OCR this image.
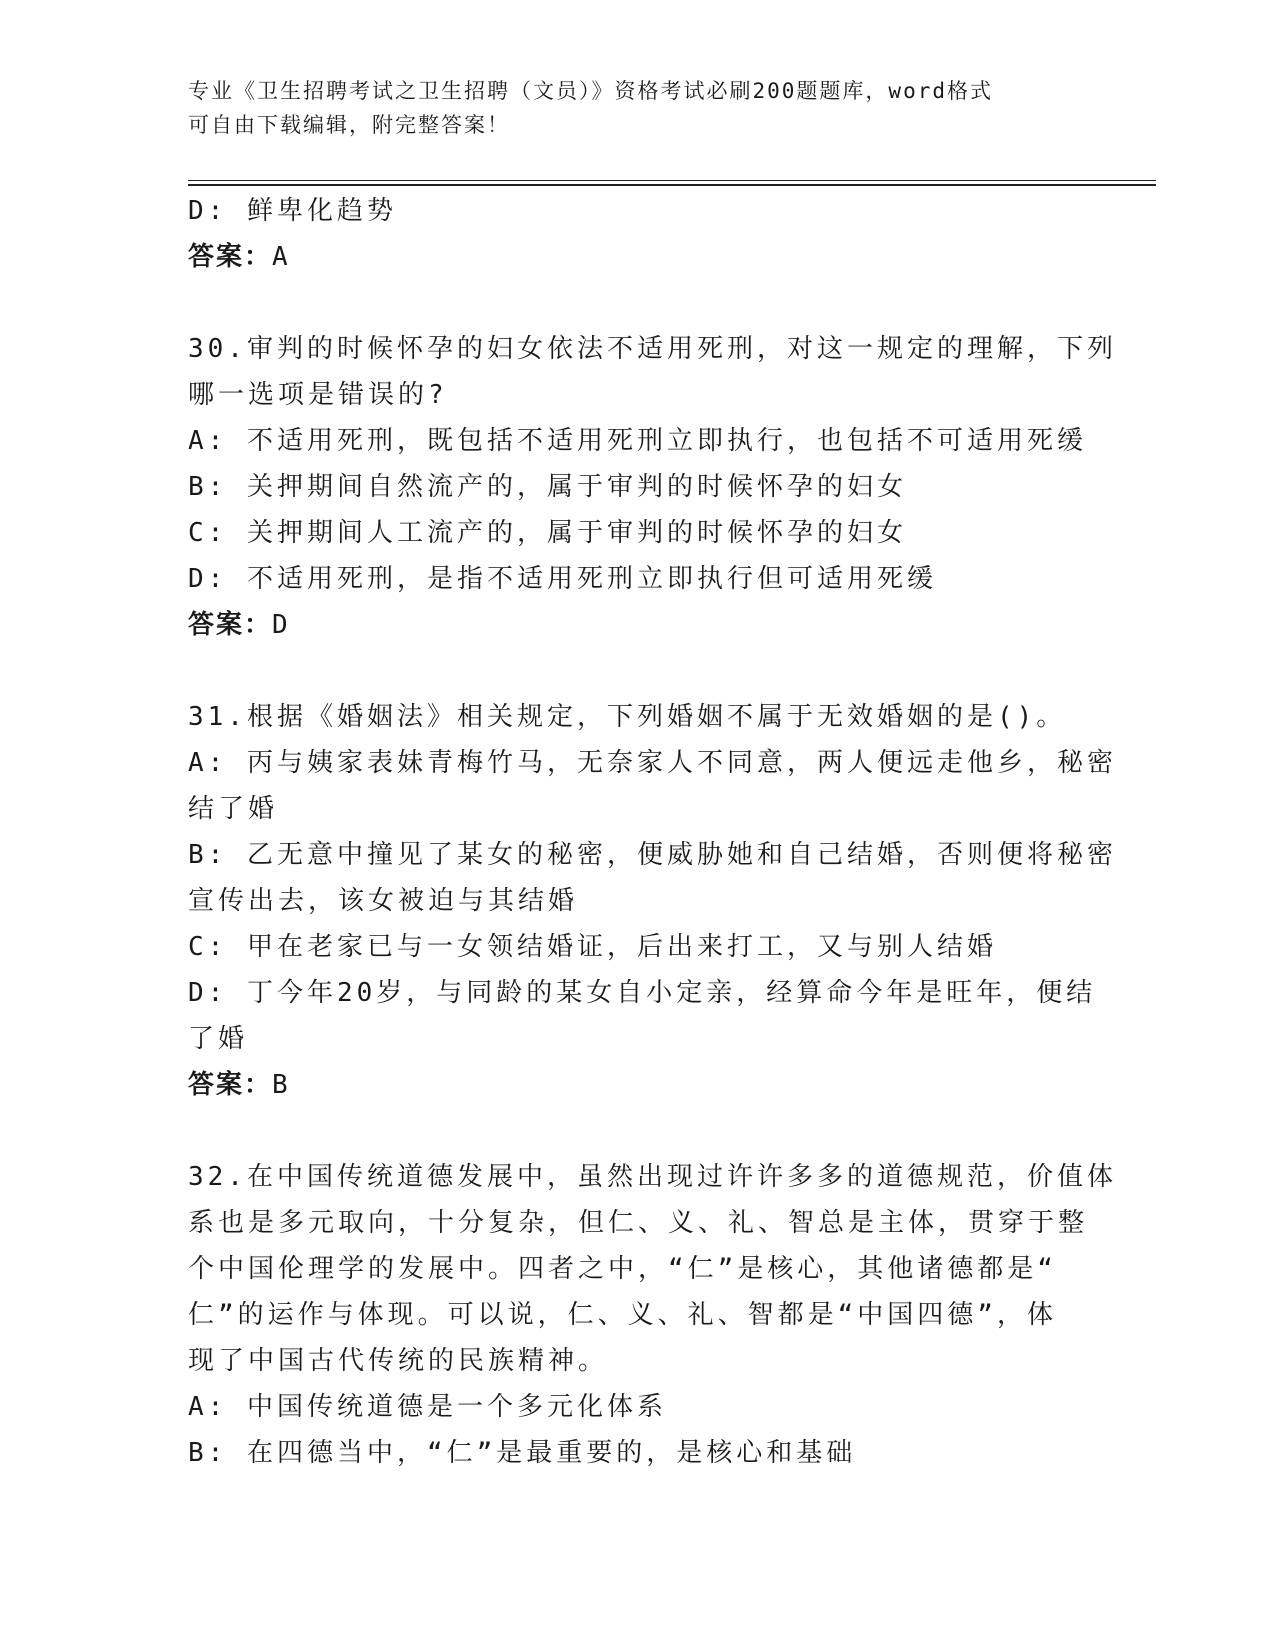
专业《卫生招聘考试之卫生招聘（文员）》资格考试必刷200题题库，word格式
可自由下载编辑，附完整答案！
D: 鲜卑化趋势
答案：A
30.审判的时候怀孕的妇女依法不适用死刑，对这一规定的理解，下列
哪一选项是错误的?
A: 不适用死刑，既包括不适用死刑立即执行，也包括不可适用死缓
B: 关押期间自然流产的，属于审判的时候怀孕的妇女
C: 关押期间人工流产的，属于审判的时候怀孕的妇女
D: 不适用死刑，是指不适用死刑立即执行但可适用死缓
答案：D
31.根据《婚姻法》相关规定，下列婚姻不属于无效婚姻的是()。
A: 丙与姨家表妹青梅竹马，无奈家人不同意，两人便远走他乡，秘密
结了婚
B: 乙无意中撞见了某女的秘密，便威胁她和自己结婚，否则便将秘密
宣传出去，该女被迫与其结婚
C: 甲在老家已与一女领结婚证，后出来打工，又与别人结婚
D: 丁今年20岁，与同龄的某女自小定亲，经算命今年是旺年，便结
了婚
答案：B
32.在中国传统道德发展中，虽然出现过许许多多的道德规范，价值体
系也是多元取向，十分复杂，但仁、义、礼、智总是主体，贯穿于整
个中国伦理学的发展中。四者之中，“仁”是核心，其他诸德都是“
仁”的运作与体现。可以说，仁、义、礼、智都是“中国四德”，体
现了中国古代传统的民族精神。
A: 中国传统道德是一个多元化体系
B: 在四德当中，“仁”是最重要的，是核心和基础
